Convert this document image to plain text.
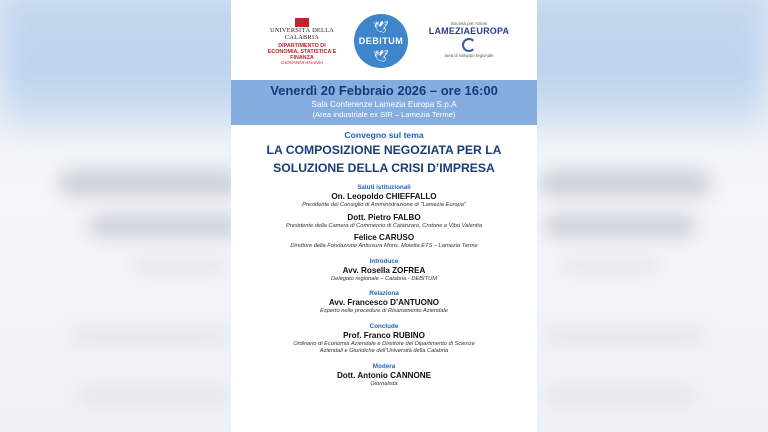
UNIVERSITÀ DELLA CALABRIA
DIPARTIMENTO DI ECONOMIA, STATISTICA E FINANZA
GIOVANNI ANANIA
🕊
DEBITUM
🕊
Società per Azioni
LAMEZIAEUROPA
area di sviluppo regionale
Venerdì 20 Febbraio 2026 – ore 16:00
Sala Conferenze Lamezia Europa S.p.A
(Area industriale ex SIR – Lamezia Terme)
Convegno sul tema
LA COMPOSIZIONE NEGOZIATA PER LA
SOLUZIONE DELLA CRISI D’IMPRESA
Saluti istituzionali
On. Leopoldo CHIEFFALLO
Presidente del Consiglio di Amministrazione di "Lamezia Europa"
Dott. Pietro FALBO
Presidente della Camera di Commercio di Catanzaro, Crotone e Vibo Valentia
Felice CARUSO
Direttore della Fondazione Antiusura Mons. Moietta ETS – Lamezia Terme
Introduce
Avv. Rosella ZOFREA
Delegato regionale – Calabria - DEBITUM
Relaziona
Avv. Francesco D’ANTUONO
Esperto nelle procedure di Risanamento Aziendale
Conclude
Prof. Franco RUBINO
Ordinario di Economia Aziendale e Direttore del Dipartimento di Scienze
Aziendali e Giuridiche dell’Università della Calabria
Modera
Dott. Antonio CANNONE
Giornalista
